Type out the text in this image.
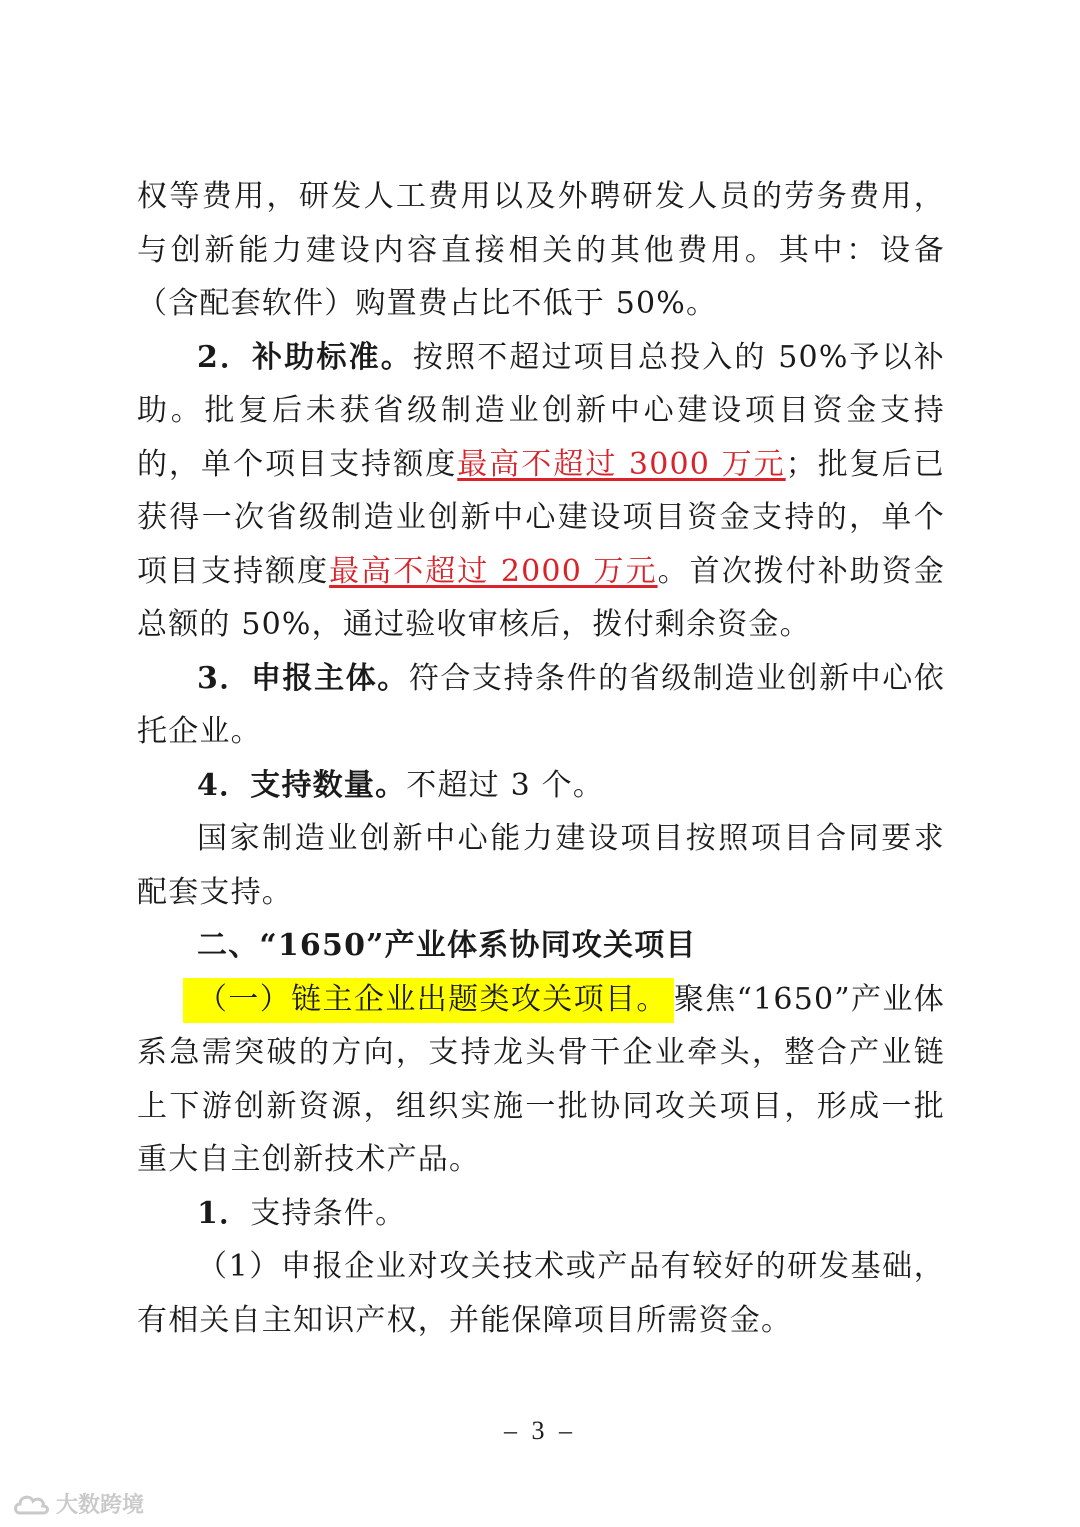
权等费用，研发人工费用以及外聘研发人员的劳务费用，与创新能力建设内容直接相关的其他费用。其中：设备（含配套软件）购置费占比不低于 50%。

2．补助标准。按照不超过项目总投入的 50%予以补助。批复后未获省级制造业创新中心建设项目资金支持的，单个项目支持额度最高不超过 3000 万元；批复后已获得一次省级制造业创新中心建设项目资金支持的，单个项目支持额度最高不超过 2000 万元。首次拨付补助资金总额的 50%，通过验收审核后，拨付剩余资金。

3．申报主体。符合支持条件的省级制造业创新中心依托企业。

4．支持数量。不超过 3 个。

国家制造业创新中心能力建设项目按照项目合同要求配套支持。

二、“1650”产业体系协同攻关项目

（一）链主企业出题类攻关项目。 聚焦“1650”产业体系急需突破的方向，支持龙头骨干企业牵头，整合产业链上下游创新资源，组织实施一批协同攻关项目，形成一批重大自主创新技术产品。

1．支持条件。

（1）申报企业对攻关技术或产品有较好的研发基础，有相关自主知识产权，并能保障项目所需资金。

– 3 –
大数跨境
